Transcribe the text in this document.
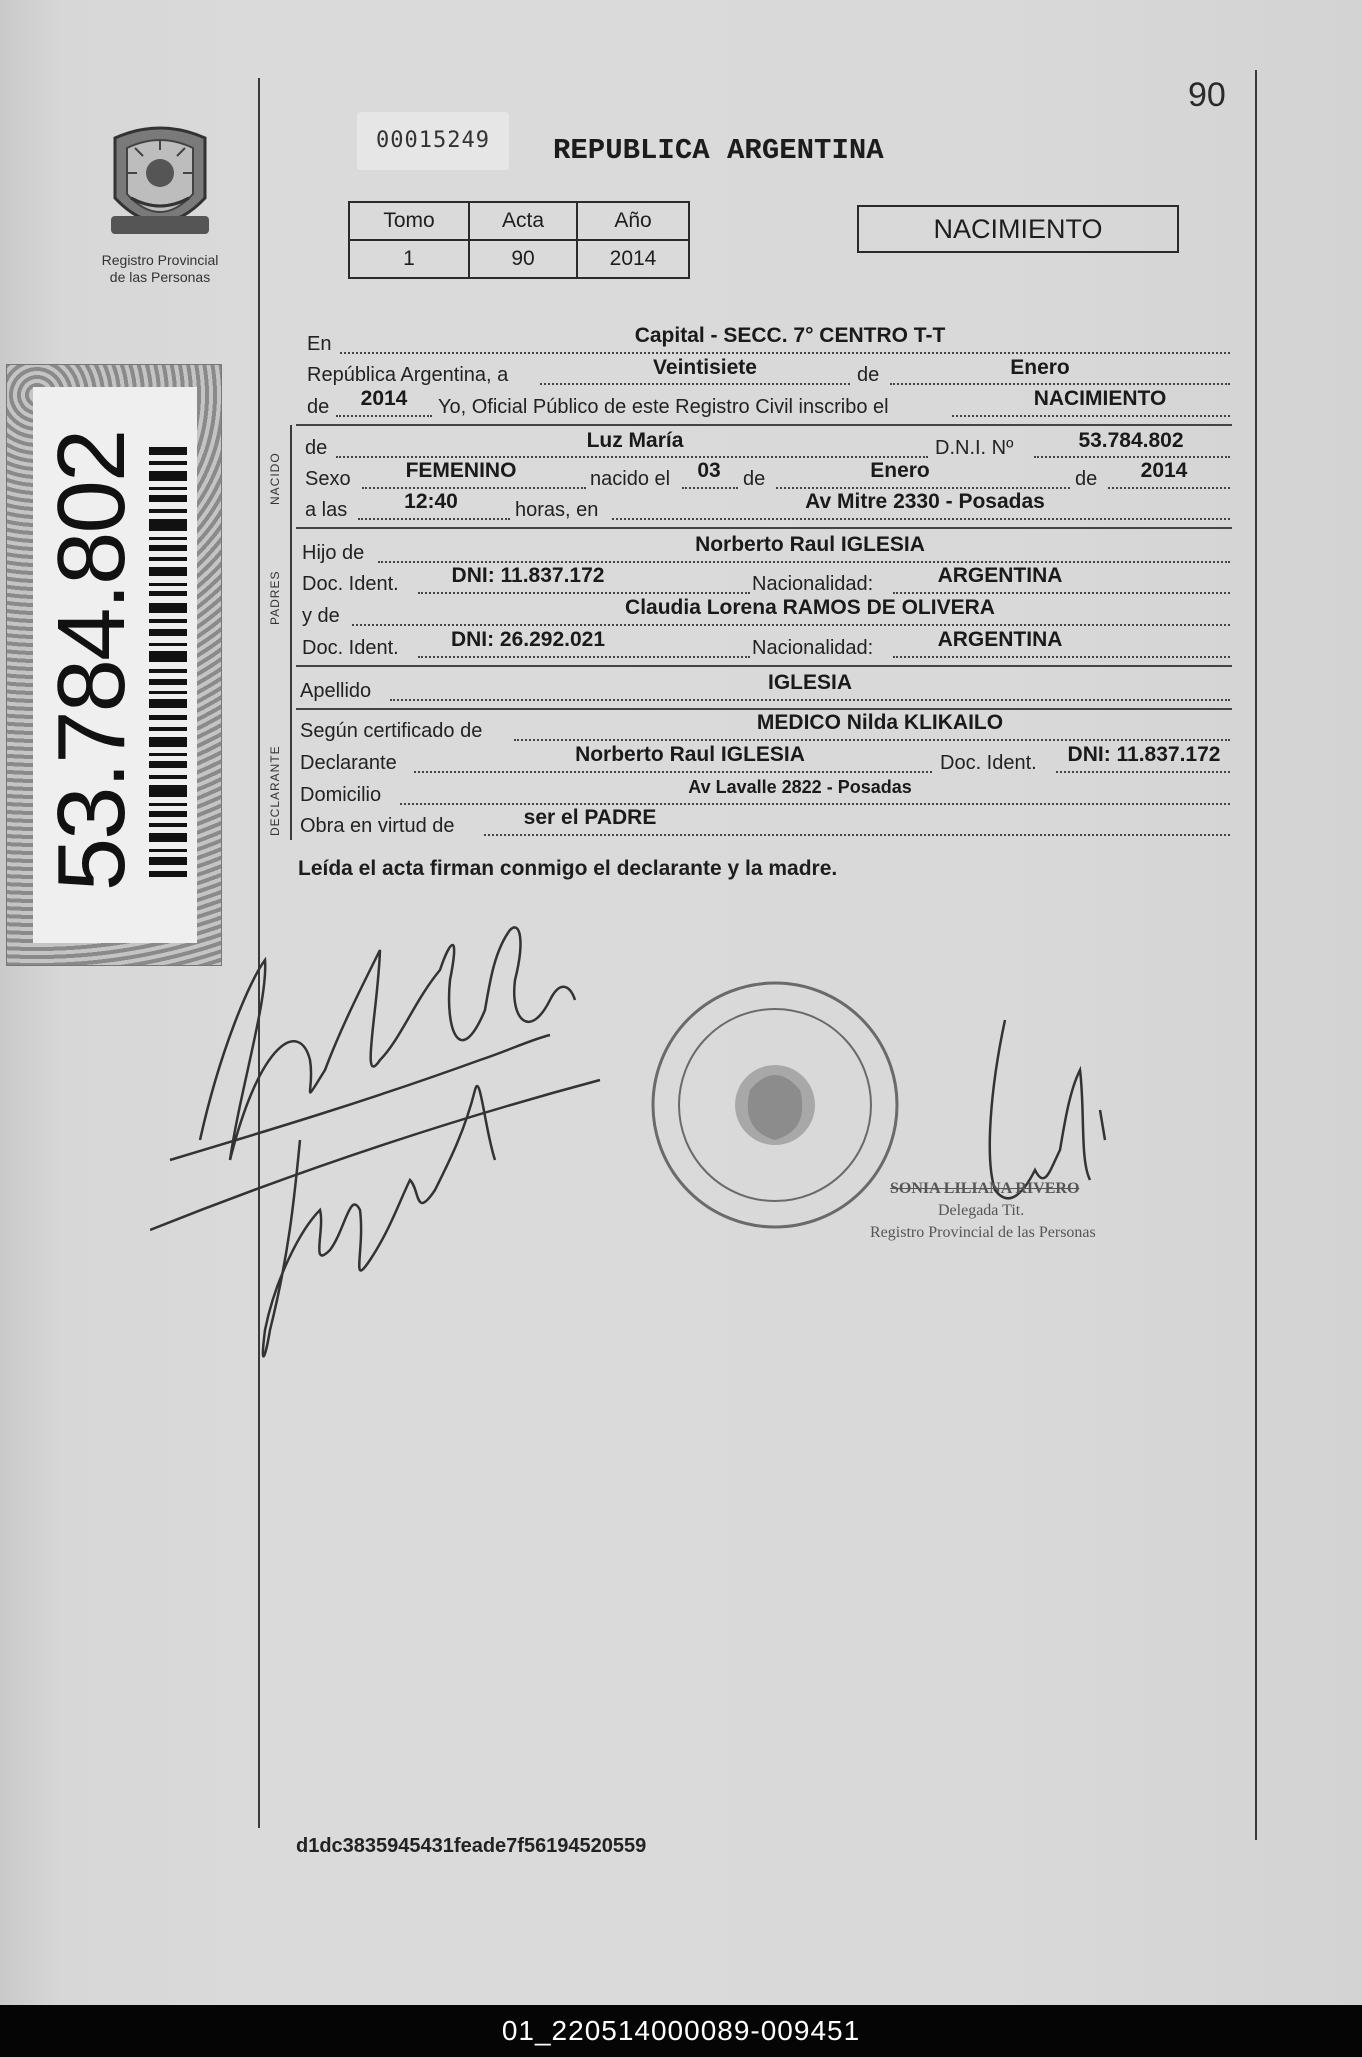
90
00015249	REPUBLICA ARGENTINA
Registro Provincial
de las Personas
Tomo	Acta	Año
1	90	2014
NACIMIENTO
53.784.802	NACIDO
PADRES
DECLARANTE
En	Capital - SECC. 7° CENTRO T-T
República Argentina, a	Veintisiete	de	Enero
de	2014	Yo, Oficial Público de este Registro Civil inscribo el	NACIMIENTO
de	Luz María	D.N.I. Nº	53.784.802
Sexo	FEMENINO	nacido el	03	de	Enero	de	2014
a las	12:40	horas, en	Av Mitre 2330 - Posadas
Hijo de	Norberto Raul IGLESIA
Doc. Ident.	DNI: 11.837.172	Nacionalidad:	ARGENTINA
y de	Claudia Lorena RAMOS DE OLIVERA
Doc. Ident.	DNI: 26.292.021	Nacionalidad:	ARGENTINA
Apellido	IGLESIA
Según certificado de	MEDICO Nilda KLIKAILO
Declarante	Norberto Raul IGLESIA	Doc. Ident.	DNI: 11.837.172
Domicilio	Av Lavalle 2822 - Posadas
Obra en virtud de	ser el PADRE
Leída el acta firman conmigo el declarante y la madre.
SONIA LILIANA RIVERO
Delegada Tit.
Registro Provincial de las Personas
d1dc3835945431feade7f56194520559
01_220514000089-009451
